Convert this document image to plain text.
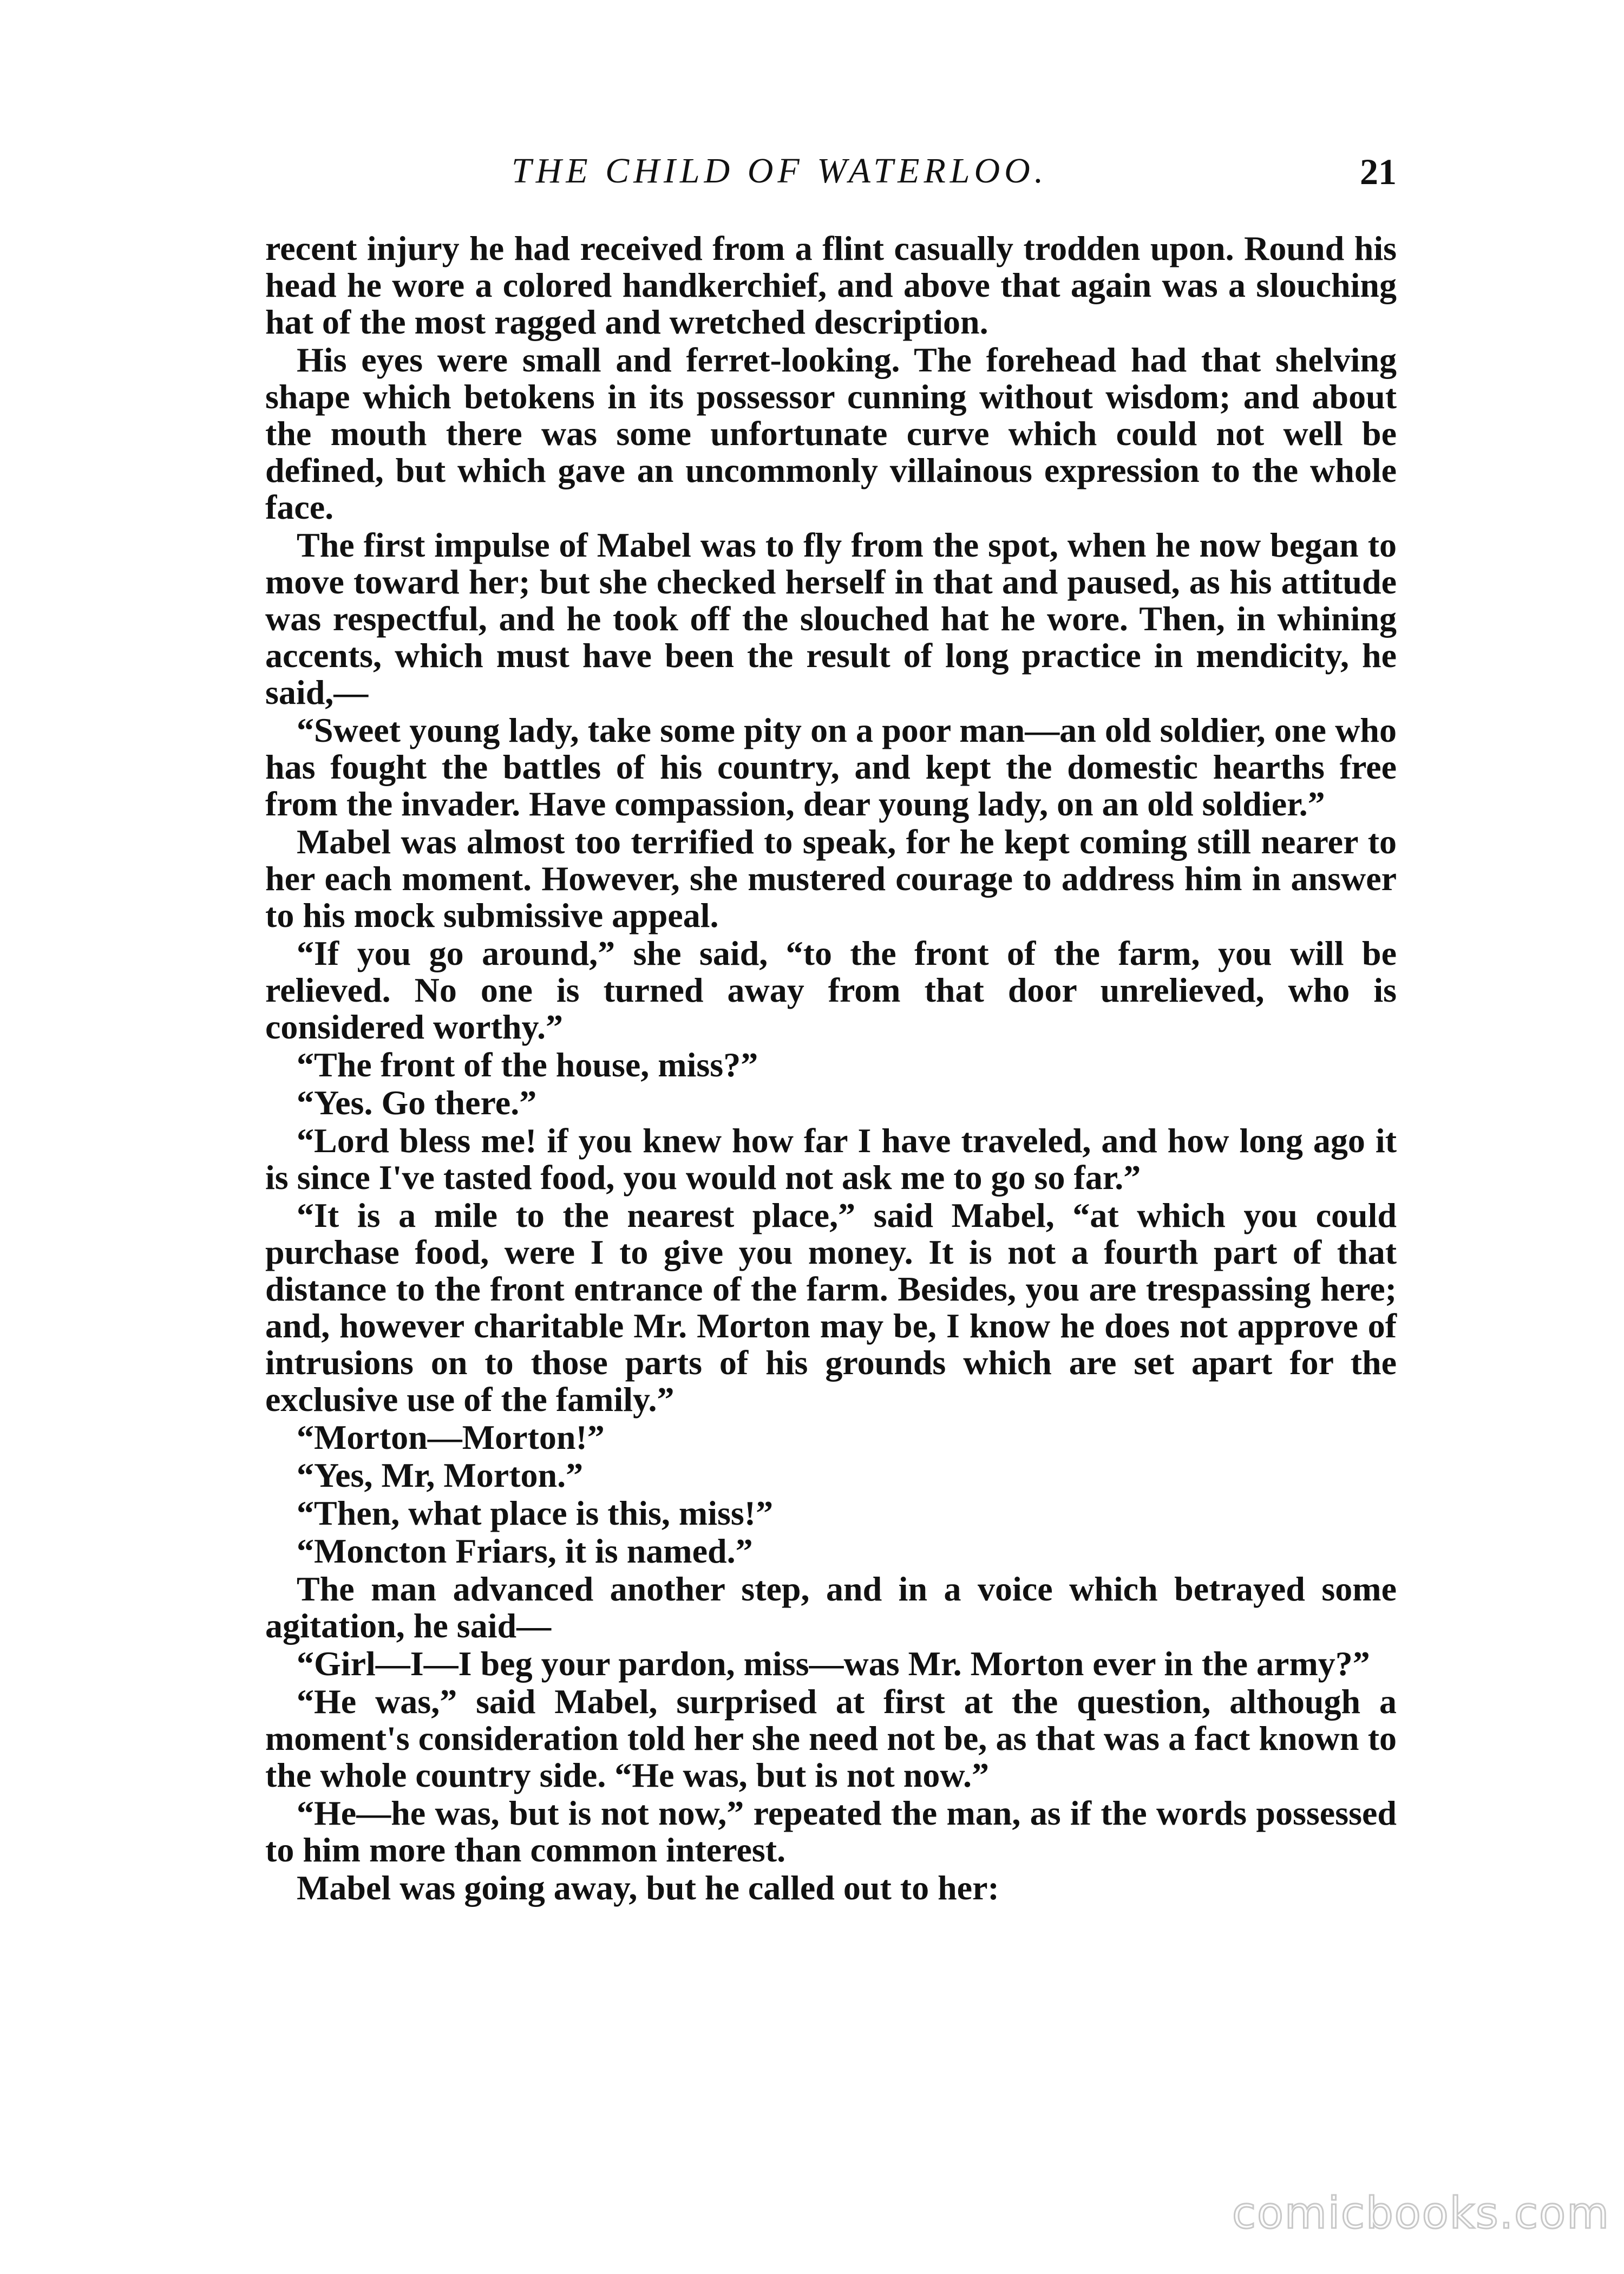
THE CHILD OF WATERLOO.	21

recent injury he had received from a flint casually trodden upon. Round his head he wore a colored handkerchief, and above that again was a slouching hat of the most ragged and wretched description.

His eyes were small and ferret-looking. The forehead had that shelving shape which betokens in its possessor cunning without wisdom; and about the mouth there was some unfortunate curve which could not well be defined, but which gave an uncommonly villainous expression to the whole face.

The first impulse of Mabel was to fly from the spot, when he now began to move toward her; but she checked herself in that and paused, as his attitude was respectful, and he took off the slouched hat he wore. Then, in whining accents, which must have been the result of long practice in mendicity, he said,—

“Sweet young lady, take some pity on a poor man—an old soldier, one who has fought the battles of his country, and kept the domestic hearths free from the invader. Have compassion, dear young lady, on an old soldier.”

Mabel was almost too terrified to speak, for he kept coming still nearer to her each moment. However, she mustered courage to address him in answer to his mock submissive appeal.

“If you go around,” she said, “to the front of the farm, you will be relieved. No one is turned away from that door unrelieved, who is considered worthy.”

“The front of the house, miss?”

“Yes. Go there.”

“Lord bless me! if you knew how far I have traveled, and how long ago it is since I've tasted food, you would not ask me to go so far.”

“It is a mile to the nearest place,” said Mabel, “at which you could purchase food, were I to give you money. It is not a fourth part of that distance to the front entrance of the farm. Besides, you are trespassing here; and, however charitable Mr. Morton may be, I know he does not approve of intrusions on to those parts of his grounds which are set apart for the exclusive use of the family.”

“Morton—Morton!”

“Yes, Mr, Morton.”

“Then, what place is this, miss!”

“Moncton Friars, it is named.”

The man advanced another step, and in a voice which betrayed some agitation, he said—

“Girl—I—I beg your pardon, miss—was Mr. Morton ever in the army?”

“He was,” said Mabel, surprised at first at the question, although a moment's consideration told her she need not be, as that was a fact known to the whole country side. “He was, but is not now.”

“He—he was, but is not now,” repeated the man, as if the words possessed to him more than common interest.

Mabel was going away, but he called out to her:

comicbooks.com
